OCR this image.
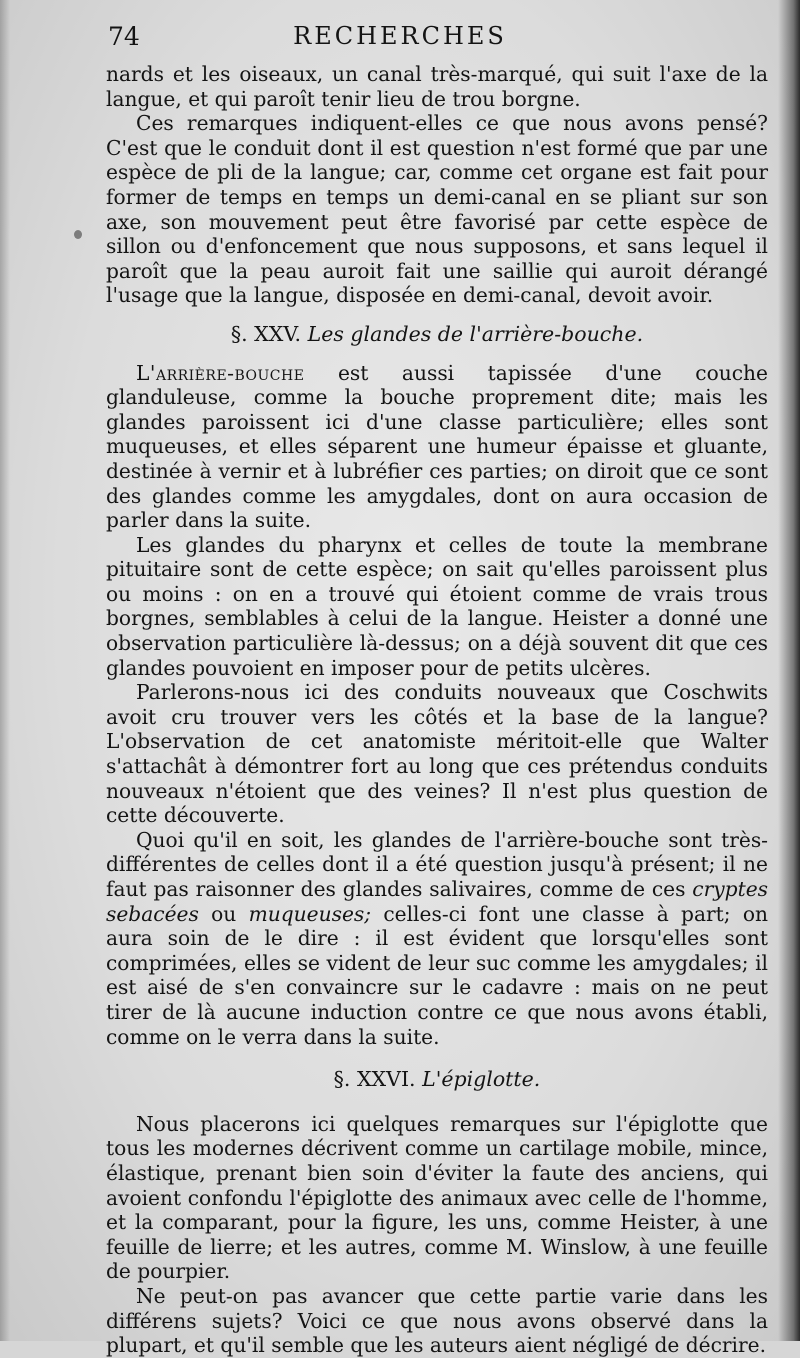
74	RECHERCHES

nards et les oiseaux, un canal très-marqué, qui suit l'axe de la langue, et qui paroît tenir lieu de trou borgne.

Ces remarques indiquent-elles ce que nous avons pensé? C'est que le conduit dont il est question n'est formé que par une espèce de pli de la langue; car, comme cet organe est fait pour former de temps en temps un demi-canal en se pliant sur son axe, son mouvement peut être favorisé par cette espèce de sillon ou d'enfoncement que nous supposons, et sans lequel il paroît que la peau auroit fait une saillie qui auroit dérangé l'usage que la langue, disposée en demi-canal, devoit avoir.

§. XXV. Les glandes de l'arrière-bouche.

L'arrière-bouche est aussi tapissée d'une couche glanduleuse, comme la bouche proprement dite; mais les glandes paroissent ici d'une classe particulière; elles sont muqueuses, et elles séparent une humeur épaisse et gluante, destinée à vernir et à lubréfier ces parties; on diroit que ce sont des glandes comme les amygdales, dont on aura occasion de parler dans la suite.

Les glandes du pharynx et celles de toute la membrane pituitaire sont de cette espèce; on sait qu'elles paroissent plus ou moins : on en a trouvé qui étoient comme de vrais trous borgnes, semblables à celui de la langue. Heister a donné une observation particulière là-dessus; on a déjà souvent dit que ces glandes pouvoient en imposer pour de petits ulcères.

Parlerons-nous ici des conduits nouveaux que Coschwits avoit cru trouver vers les côtés et la base de la langue? L'observation de cet anatomiste méritoit-elle que Walter s'attachât à démontrer fort au long que ces prétendus conduits nouveaux n'étoient que des veines? Il n'est plus question de cette découverte.

Quoi qu'il en soit, les glandes de l'arrière-bouche sont très-différentes de celles dont il a été question jusqu'à présent; il ne faut pas raisonner des glandes salivaires, comme de ces cryptes sebacées ou muqueuses; celles-ci font une classe à part; on aura soin de le dire : il est évident que lorsqu'elles sont comprimées, elles se vident de leur suc comme les amygdales; il est aisé de s'en convaincre sur le cadavre : mais on ne peut tirer de là aucune induction contre ce que nous avons établi, comme on le verra dans la suite.

§. XXVI. L'épiglotte.

Nous placerons ici quelques remarques sur l'épiglotte que tous les modernes décrivent comme un cartilage mobile, mince, élastique, prenant bien soin d'éviter la faute des anciens, qui avoient confondu l'épiglotte des animaux avec celle de l'homme, et la comparant, pour la figure, les uns, comme Heister, à une feuille de lierre; et les autres, comme M. Winslow, à une feuille de pourpier.

Ne peut-on pas avancer que cette partie varie dans les différens sujets? Voici ce que nous avons observé dans la plupart, et qu'il semble que les auteurs aient négligé de décrire.
